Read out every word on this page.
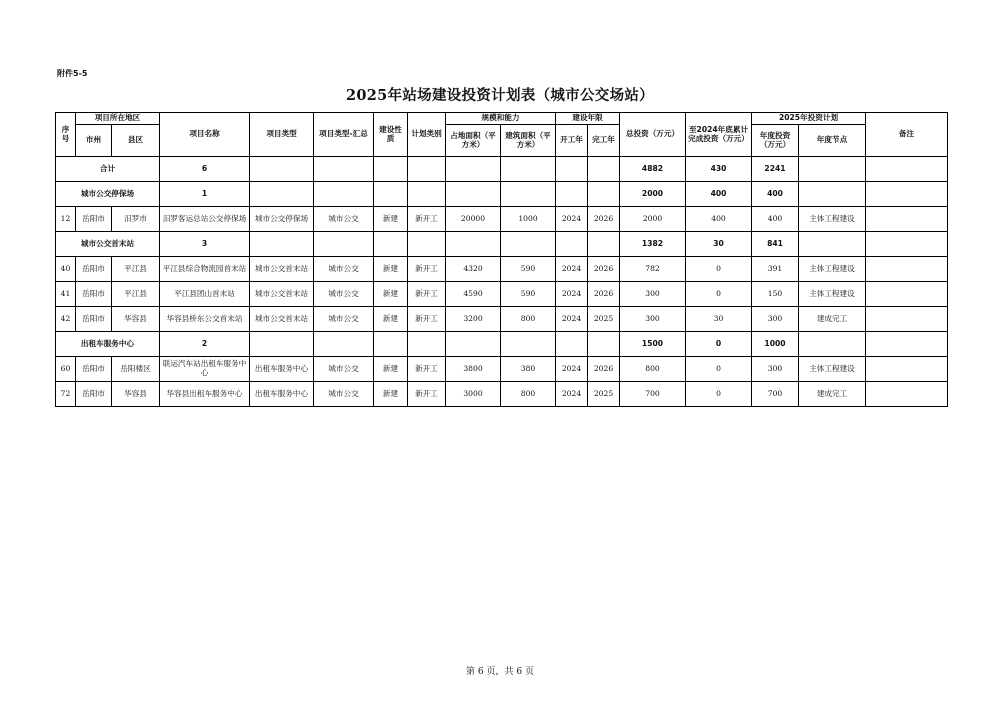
附件5-5
2025年站场建设投资计划表（城市公交场站）
序号	项目所在地区		项目名称	项目类型	项目类型-汇总	建设性质	计划类别	规模和能力		建设年限		总投资（万元）	至2024年底累计完成投资（万元）	2025年投资计划		备注
	市州	县区						占地面积（平方米）	建筑面积（平方米）	开工年	完工年			年度投资（万元）	年度节点	
合计			6									4882	430	2241		
城市公交停保场			1									2000	400	400		
12	岳阳市	汨罗市	汨罗客运总站公交停保场	城市公交停保场	城市公交	新建	新开工	20000	1000	2024	2026	2000	400	400	主体工程建设	
城市公交首末站			3									1382	30	841		
40	岳阳市	平江县	平江县综合物流园首末站	城市公交首末站	城市公交	新建	新开工	4320	590	2024	2026	782	0	391	主体工程建设	
41	岳阳市	平江县	平江县团山首末站	城市公交首末站	城市公交	新建	新开工	4590	590	2024	2026	300	0	150	主体工程建设	
42	岳阳市	华容县	华容县桥东公交首末站	城市公交首末站	城市公交	新建	新开工	3200	800	2024	2025	300	30	300	建成完工	
出租车服务中心			2									1500	0	1000		
60	岳阳市	岳阳楼区	联运汽车站出租车服务中心	出租车服务中心	城市公交	新建	新开工	3800	380	2024	2026	800	0	300	主体工程建设	
72	岳阳市	华容县	华容县出租车服务中心	出租车服务中心	城市公交	新建	新开工	3000	800	2024	2025	700	0	700	建成完工	
第 6 页，共 6 页
